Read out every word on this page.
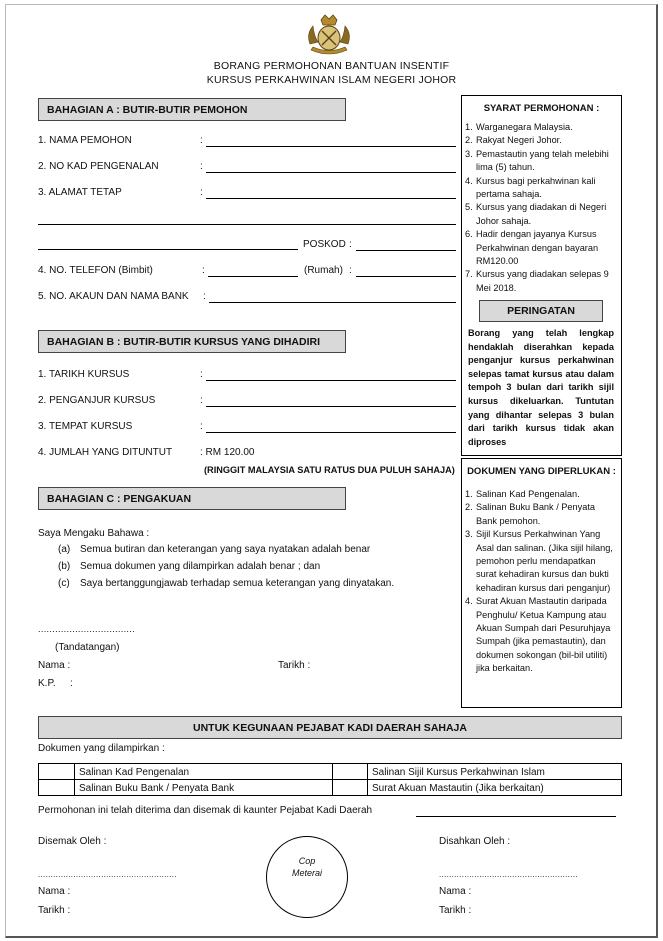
BORANG PERMOHONAN BANTUAN INSENTIF
KURSUS PERKAHWINAN ISLAM NEGERI JOHOR
BAHAGIAN A : BUTIR-BUTIR PEMOHON
1. NAMA PEMOHON	:
2. NO KAD PENGENALAN	:
3. ALAMAT TETAP	:
POSKOD :
4. NO. TELEFON (Bimbit)	:	(Rumah) :
5. NO. AKAUN DAN NAMA BANK :
BAHAGIAN B : BUTIR-BUTIR KURSUS YANG DIHADIRI
1. TARIKH KURSUS	:
2. PENGANJUR KURSUS	:
3. TEMPAT KURSUS	:
4. JUMLAH YANG DITUNTUT	: RM 120.00
(RINGGIT MALAYSIA SATU RATUS DUA PULUH SAHAJA)
BAHAGIAN C : PENGAKUAN
Saya Mengaku Bahawa :
(a) Semua butiran dan keterangan yang saya nyatakan adalah benar
(b) Semua dokumen yang dilampirkan adalah benar ; dan
(c) Saya bertanggungjawab terhadap semua keterangan yang dinyatakan.
..................................
(Tandatangan)
Nama :	Tarikh :
K.P. :
SYARAT PERMOHONAN :
1. Warganegara Malaysia.
2. Rakyat Negeri Johor.
3. Pemastautin yang telah melebihi lima (5) tahun.
4. Kursus bagi perkahwinan kali pertama sahaja.
5. Kursus yang diadakan di Negeri Johor sahaja.
6. Hadir dengan jayanya Kursus Perkahwinan dengan bayaran RM120.00
7. Kursus yang diadakan selepas 9 Mei 2018.
PERINGATAN
Borang yang telah lengkap hendaklah diserahkan kepada penganjur kursus perkahwinan selepas tamat kursus atau dalam tempoh 3 bulan dari tarikh sijil kursus dikeluarkan. Tuntutan yang dihantar selepas 3 bulan dari tarikh kursus tidak akan diproses
DOKUMEN YANG DIPERLUKAN :
1. Salinan Kad Pengenalan.
2. Salinan Buku Bank / Penyata Bank pemohon.
3. Sijil Kursus Perkahwinan Yang Asal dan salinan. (Jika sijil hilang, pemohon perlu mendapatkan surat kehadiran kursus dan bukti kehadiran kursus dari penganjur)
4. Surat Akuan Mastautin daripada Penghulu/ Ketua Kampung atau Akuan Sumpah dari Pesuruhjaya Sumpah (jika pemastautin), dan dokumen sokongan (bil-bil utiliti) jika berkaitan.
UNTUK KEGUNAAN PEJABAT KADI DAERAH SAHAJA
Dokumen yang dilampirkan :
	Salinan Kad Pengenalan		Salinan Sijil Kursus Perkahwinan Islam
	Salinan Buku Bank / Penyata Bank		Surat Akuan Mastautin (Jika berkaitan)
Permohonan ini telah diterima dan disemak di kaunter Pejabat Kadi Daerah
Disemak Oleh :	Disahkan Oleh :
Cop
Meterai
.......................................................	.......................................................
Nama :	Nama :
Tarikh :	Tarikh :
